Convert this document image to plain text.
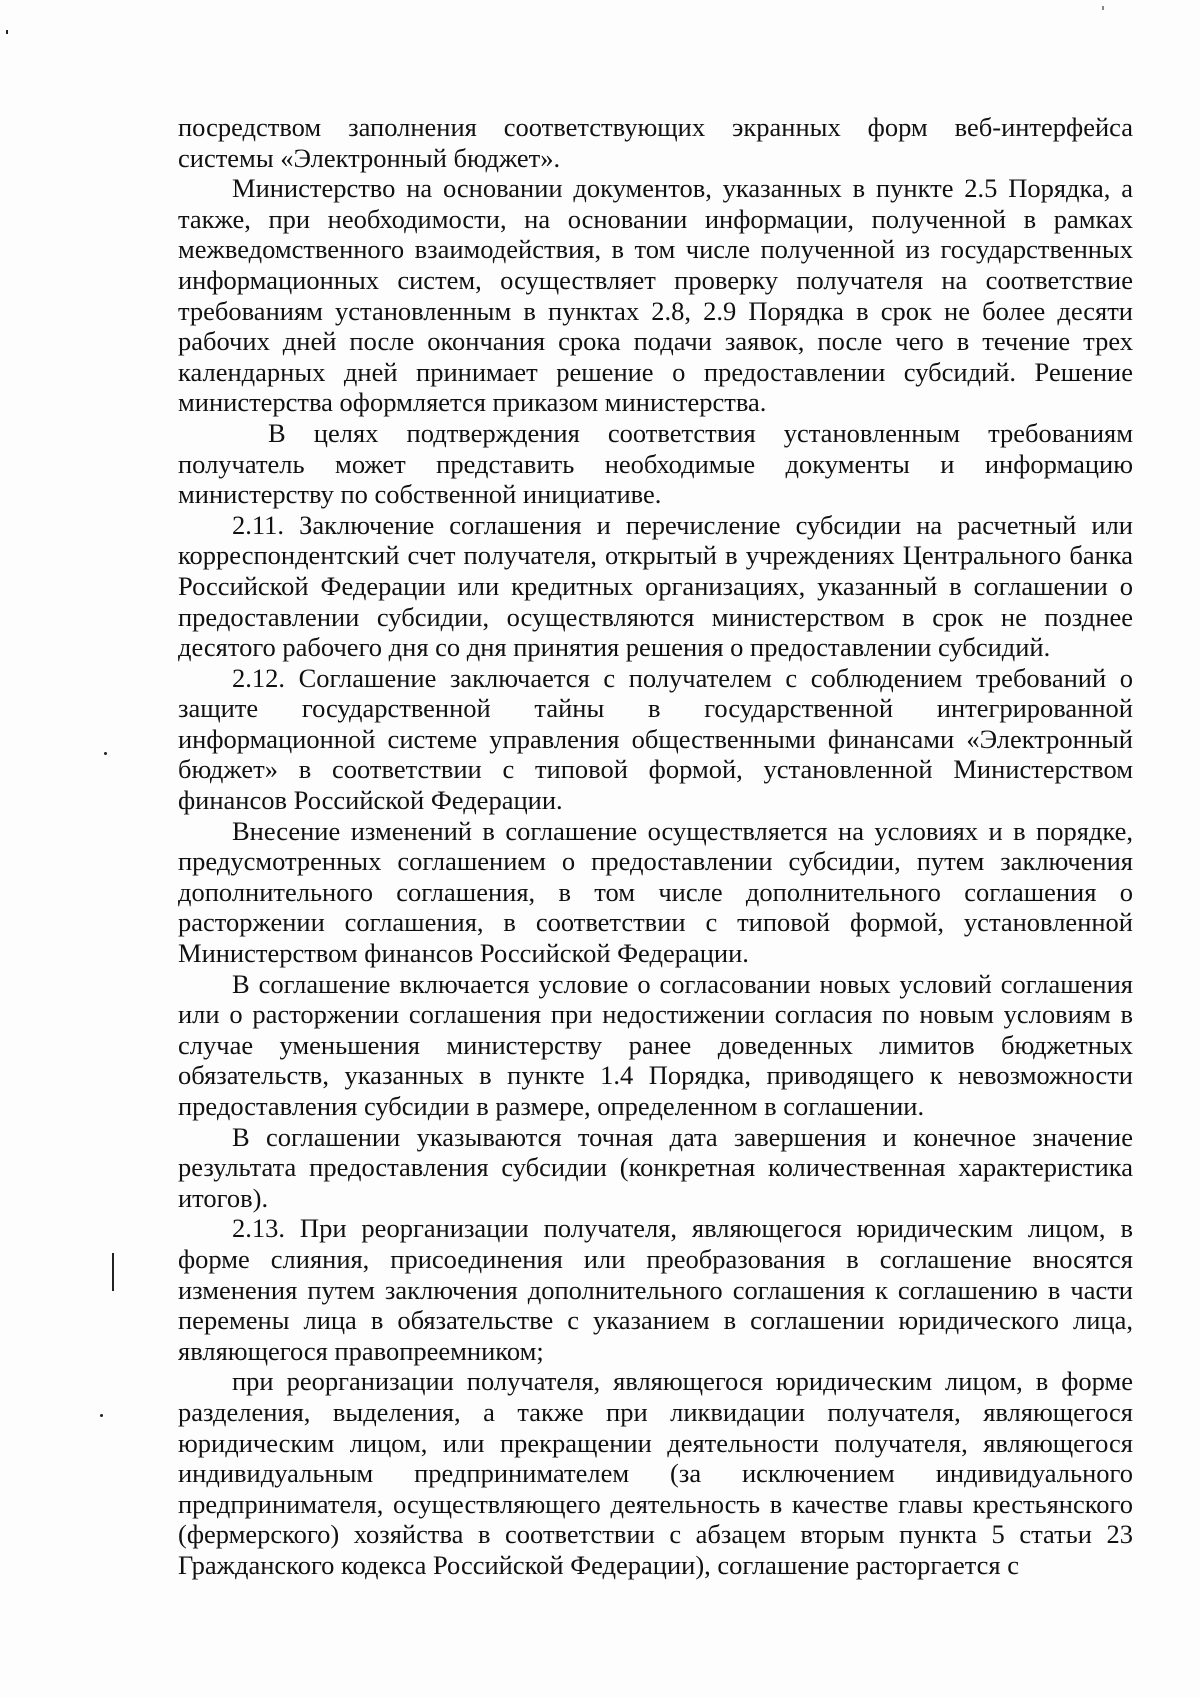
посредством заполнения соответствующих экранных форм веб-интерфейса системы «Электронный бюджет».

Министерство на основании документов, указанных в пункте 2.5 Порядка, а также, при необходимости, на основании информации, полученной в рамках межведомственного взаимодействия, в том числе полученной из государственных информационных систем, осуществляет проверку получателя на соответствие требованиям установленным в пунктах 2.8, 2.9 Порядка в срок не более десяти рабочих дней после окончания срока подачи заявок, после чего в течение трех календарных дней принимает решение о предоставлении субсидий. Решение министерства оформляется приказом министерства.

В целях подтверждения соответствия установленным требованиям получатель может представить необходимые документы и информацию министерству по собственной инициативе.

2.11. Заключение соглашения и перечисление субсидии на расчетный или корреспондентский счет получателя, открытый в учреждениях Центрального банка Российской Федерации или кредитных организациях, указанный в соглашении о предоставлении субсидии, осуществляются министерством в срок не позднее десятого рабочего дня со дня принятия решения о предоставлении субсидий.

2.12. Соглашение заключается с получателем с соблюдением требований о защите государственной тайны в государственной интегрированной информационной системе управления общественными финансами «Электронный бюджет» в соответствии с типовой формой, установленной Министерством финансов Российской Федерации.

Внесение изменений в соглашение осуществляется на условиях и в порядке, предусмотренных соглашением о предоставлении субсидии, путем заключения дополнительного соглашения, в том числе дополнительного соглашения о расторжении соглашения, в соответствии с типовой формой, установленной Министерством финансов Российской Федерации.

В соглашение включается условие о согласовании новых условий соглашения или о расторжении соглашения при недостижении согласия по новым условиям в случае уменьшения министерству ранее доведенных лимитов бюджетных обязательств, указанных в пункте 1.4 Порядка, приводящего к невозможности предоставления субсидии в размере, определенном в соглашении.

В соглашении указываются точная дата завершения и конечное значение результата предоставления субсидии (конкретная количественная характеристика итогов).

2.13. При реорганизации получателя, являющегося юридическим лицом, в форме слияния, присоединения или преобразования в соглашение вносятся изменения путем заключения дополнительного соглашения к соглашению в части перемены лица в обязательстве с указанием в соглашении юридического лица, являющегося правопреемником;

при реорганизации получателя, являющегося юридическим лицом, в форме разделения, выделения, а также при ликвидации получателя, являющегося юридическим лицом, или прекращении деятельности получателя, являющегося индивидуальным предпринимателем (за исключением индивидуального предпринимателя, осуществляющего деятельность в качестве главы крестьянского (фермерского) хозяйства в соответствии с абзацем вторым пункта 5 статьи 23 Гражданского кодекса Российской Федерации), соглашение расторгается с
